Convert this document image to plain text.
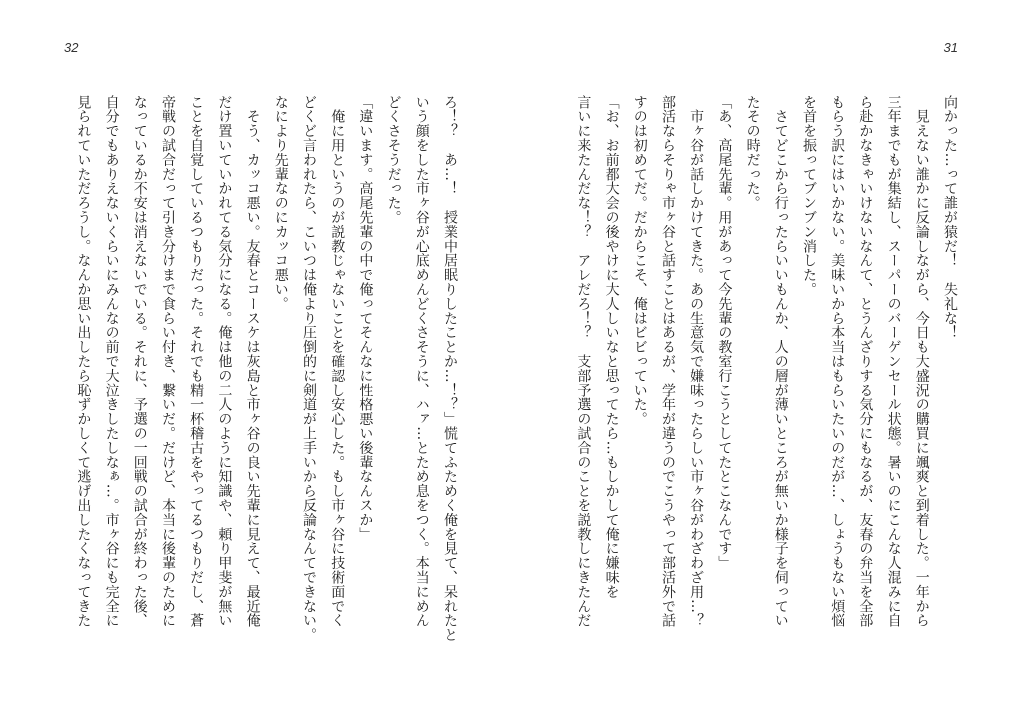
32
ろ！？　あ…！　授業中居眠りしたことか…！？」慌てふためく俺を見て、呆れたと
いう顔をした市ヶ谷が心底めんどくさそうに、ハァ…とため息をつく。本当にめん
どくさそうだった。
「違います。高尾先輩の中で俺ってそんなに性格悪い後輩なんスか」
　俺に用というのが説教じゃないことを確認し安心した。もし市ヶ谷に技術面でく
どくど言われたら、こいつは俺より圧倒的に剣道が上手いから反論なんてできない。
なにより先輩なのにカッコ悪い。
　そう、カッコ悪い。友春とコースケは灰島と市ヶ谷の良い先輩に見えて、最近俺
だけ置いていかれてる気分になる。俺は他の二人のように知識や、頼り甲斐が無い
ことを自覚しているつもりだった。それでも精一杯稽古をやってるつもりだし、蒼
帝戦の試合だって引き分けまで食らい付き、繋いだ。だけど、本当に後輩のために
なっているか不安は消えないでいる。それに、予選の一回戦の試合が終わった後、
自分でもありえないくらいにみんなの前で大泣きしたしなぁ…。市ヶ谷にも完全に
見られていただろうし。なんか思い出したら恥ずかしくて逃げ出したくなってきた
31
向かった…って誰が猿だ！　失礼な！
　見えない誰かに反論しながら、今日も大盛況の購買に颯爽と到着した。一年から
三年までもが集結し、スーパーのバーゲンセール状態。暑いのにこんな人混みに自
ら赴かなきゃいけないなんて、とうんざりする気分にもなるが、友春の弁当を全部
もらう訳にはいかない。美味いから本当はもらいたいのだが…、しょうもない煩悩
を首を振ってブンブン消した。
　さてどこから行ったらいいもんか、人の層が薄いところが無いか様子を伺ってい
たその時だった。
「あ、高尾先輩。用があって今先輩の教室行こうとしてたとこなんです」
　市ヶ谷が話しかけてきた。あの生意気で嫌味ったらしい市ヶ谷がわざわざ用…？
部活ならそりゃ市ヶ谷と話すことはあるが、学年が違うのでこうやって部活外で話
すのは初めてだ。だからこそ、俺はビビっていた。
「お、お前都大会の後やけに大人しいなと思ってたら…もしかして俺に嫌味を
言いに来たんだな！？　アレだろ！？　支部予選の試合のことを説教しにきたんだ
